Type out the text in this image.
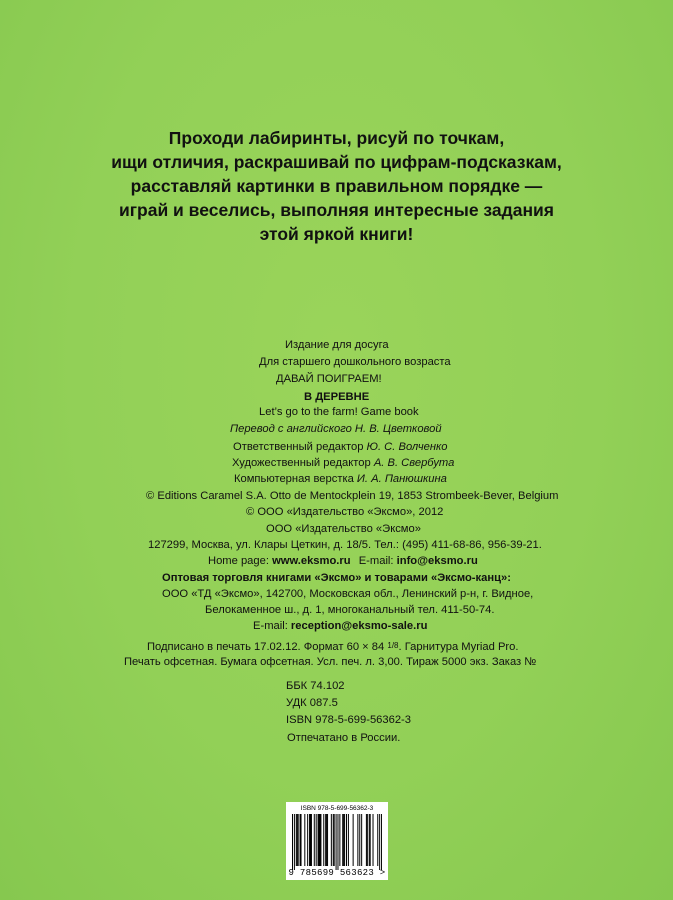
Проходи лабиринты, рисуй по точкам,
ищи отличия, раскрашивай по цифрам-подсказкам,
расставляй картинки в правильном порядке —
играй и веселись, выполняя интересные задания
этой яркой книги!
Издание для досуга
Для старшего дошкольного возраста
ДАВАЙ ПОИГРАЕМ!
В ДЕРЕВНЕ
Let’s go to the farm! Game book
Перевод с английского Н. В. Цветковой
Ответственный редактор Ю. С. Волченко
Художественный редактор А. В. Свербута
Компьютерная верстка И. А. Панюшкина
© Editions Caramel S.A. Otto de Mentockplein 19, 1853 Strombeek-Bever, Belgium
© ООО «Издательство «Эксмо», 2012
ООО «Издательство «Эксмо»
127299, Москва, ул. Клары Цеткин, д. 18/5. Тел.: (495) 411-68-86, 956-39-21.
Home page: www.eksmo.ru E-mail: info@eksmo.ru
Оптовая торговля книгами «Эксмо» и товарами «Эксмо-канц»:
ООО «ТД «Эксмо», 142700, Московская обл., Ленинский р-н, г. Видное,
Белокаменное ш., д. 1, многоканальный тел. 411-50-74.
E-mail: reception@eksmo-sale.ru
Подписано в печать 17.02.12. Формат 60 × 84 1/8. Гарнитура Myriad Pro.
Печать офсетная. Бумага офсетная. Усл. печ. л. 3,00. Тираж 5000 экз. Заказ №
ББК 74.102
УДК 087.5
ISBN 978-5-699-56362-3
Отпечатано в России.
ISBN 978-5-699-56362-3
9 785699 563623 >
